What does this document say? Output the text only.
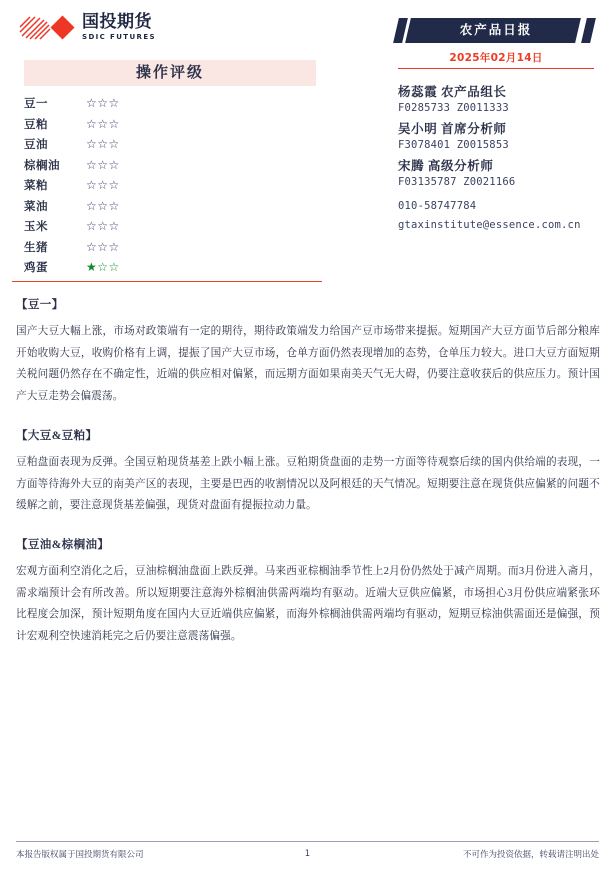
国投期货
SDIC FUTURES
操作评级
豆一	☆☆☆
豆粕	☆☆☆
豆油	☆☆☆
棕榈油	☆☆☆
菜粕	☆☆☆
菜油	☆☆☆
玉米	☆☆☆
生猪	☆☆☆
鸡蛋	★☆☆
农产品日报
2025年02月14日
杨蕊霞 农产品组长
F0285733 Z0011333
吴小明 首席分析师
F3078401 Z0015853
宋腾 高级分析师
F03135787 Z0021166
010-58747784
gtaxinstitute@essence.com.cn
【豆一】
国产大豆大幅上涨，市场对政策端有一定的期待，期待政策端发力给国产豆市场带来提振。短期国产大豆方面节后部分粮库开始收购大豆，收购价格有上调，提振了国产大豆市场，仓单方面仍然表现增加的态势，仓单压力较大。进口大豆方面短期关税问题仍然存在不确定性，近端的供应相对偏紧，而远期方面如果南美天气无大碍，仍要注意收获后的供应压力。预计国产大豆走势会偏震荡。
【大豆&豆粕】
豆粕盘面表现为反弹。全国豆粕现货基差上跌小幅上涨。豆粕期货盘面的走势一方面等待观察后续的国内供给端的表现，一方面等待海外大豆的南美产区的表现，主要是巴西的收割情况以及阿根廷的天气情况。短期要注意在现货供应偏紧的问题不缓解之前，要注意现货基差偏强，现货对盘面有提振拉动力量。
【豆油&棕榈油】
宏观方面利空消化之后，豆油棕榈油盘面上跌反弹。马来西亚棕榈油季节性上2月份仍然处于减产周期。而3月份进入斋月，需求端预计会有所改善。所以短期要注意海外棕榈油供需两端均有驱动。近端大豆供应偏紧，市场担心3月份供应端紧张环比程度会加深，预计短期角度在国内大豆近端供应偏紧，而海外棕榈油供需两端均有驱动，短期豆棕油供需面还是偏强，预计宏观利空快速消耗完之后仍要注意震荡偏强。
本报告版权属于国投期货有限公司	1	不可作为投资依据，转载请注明出处
